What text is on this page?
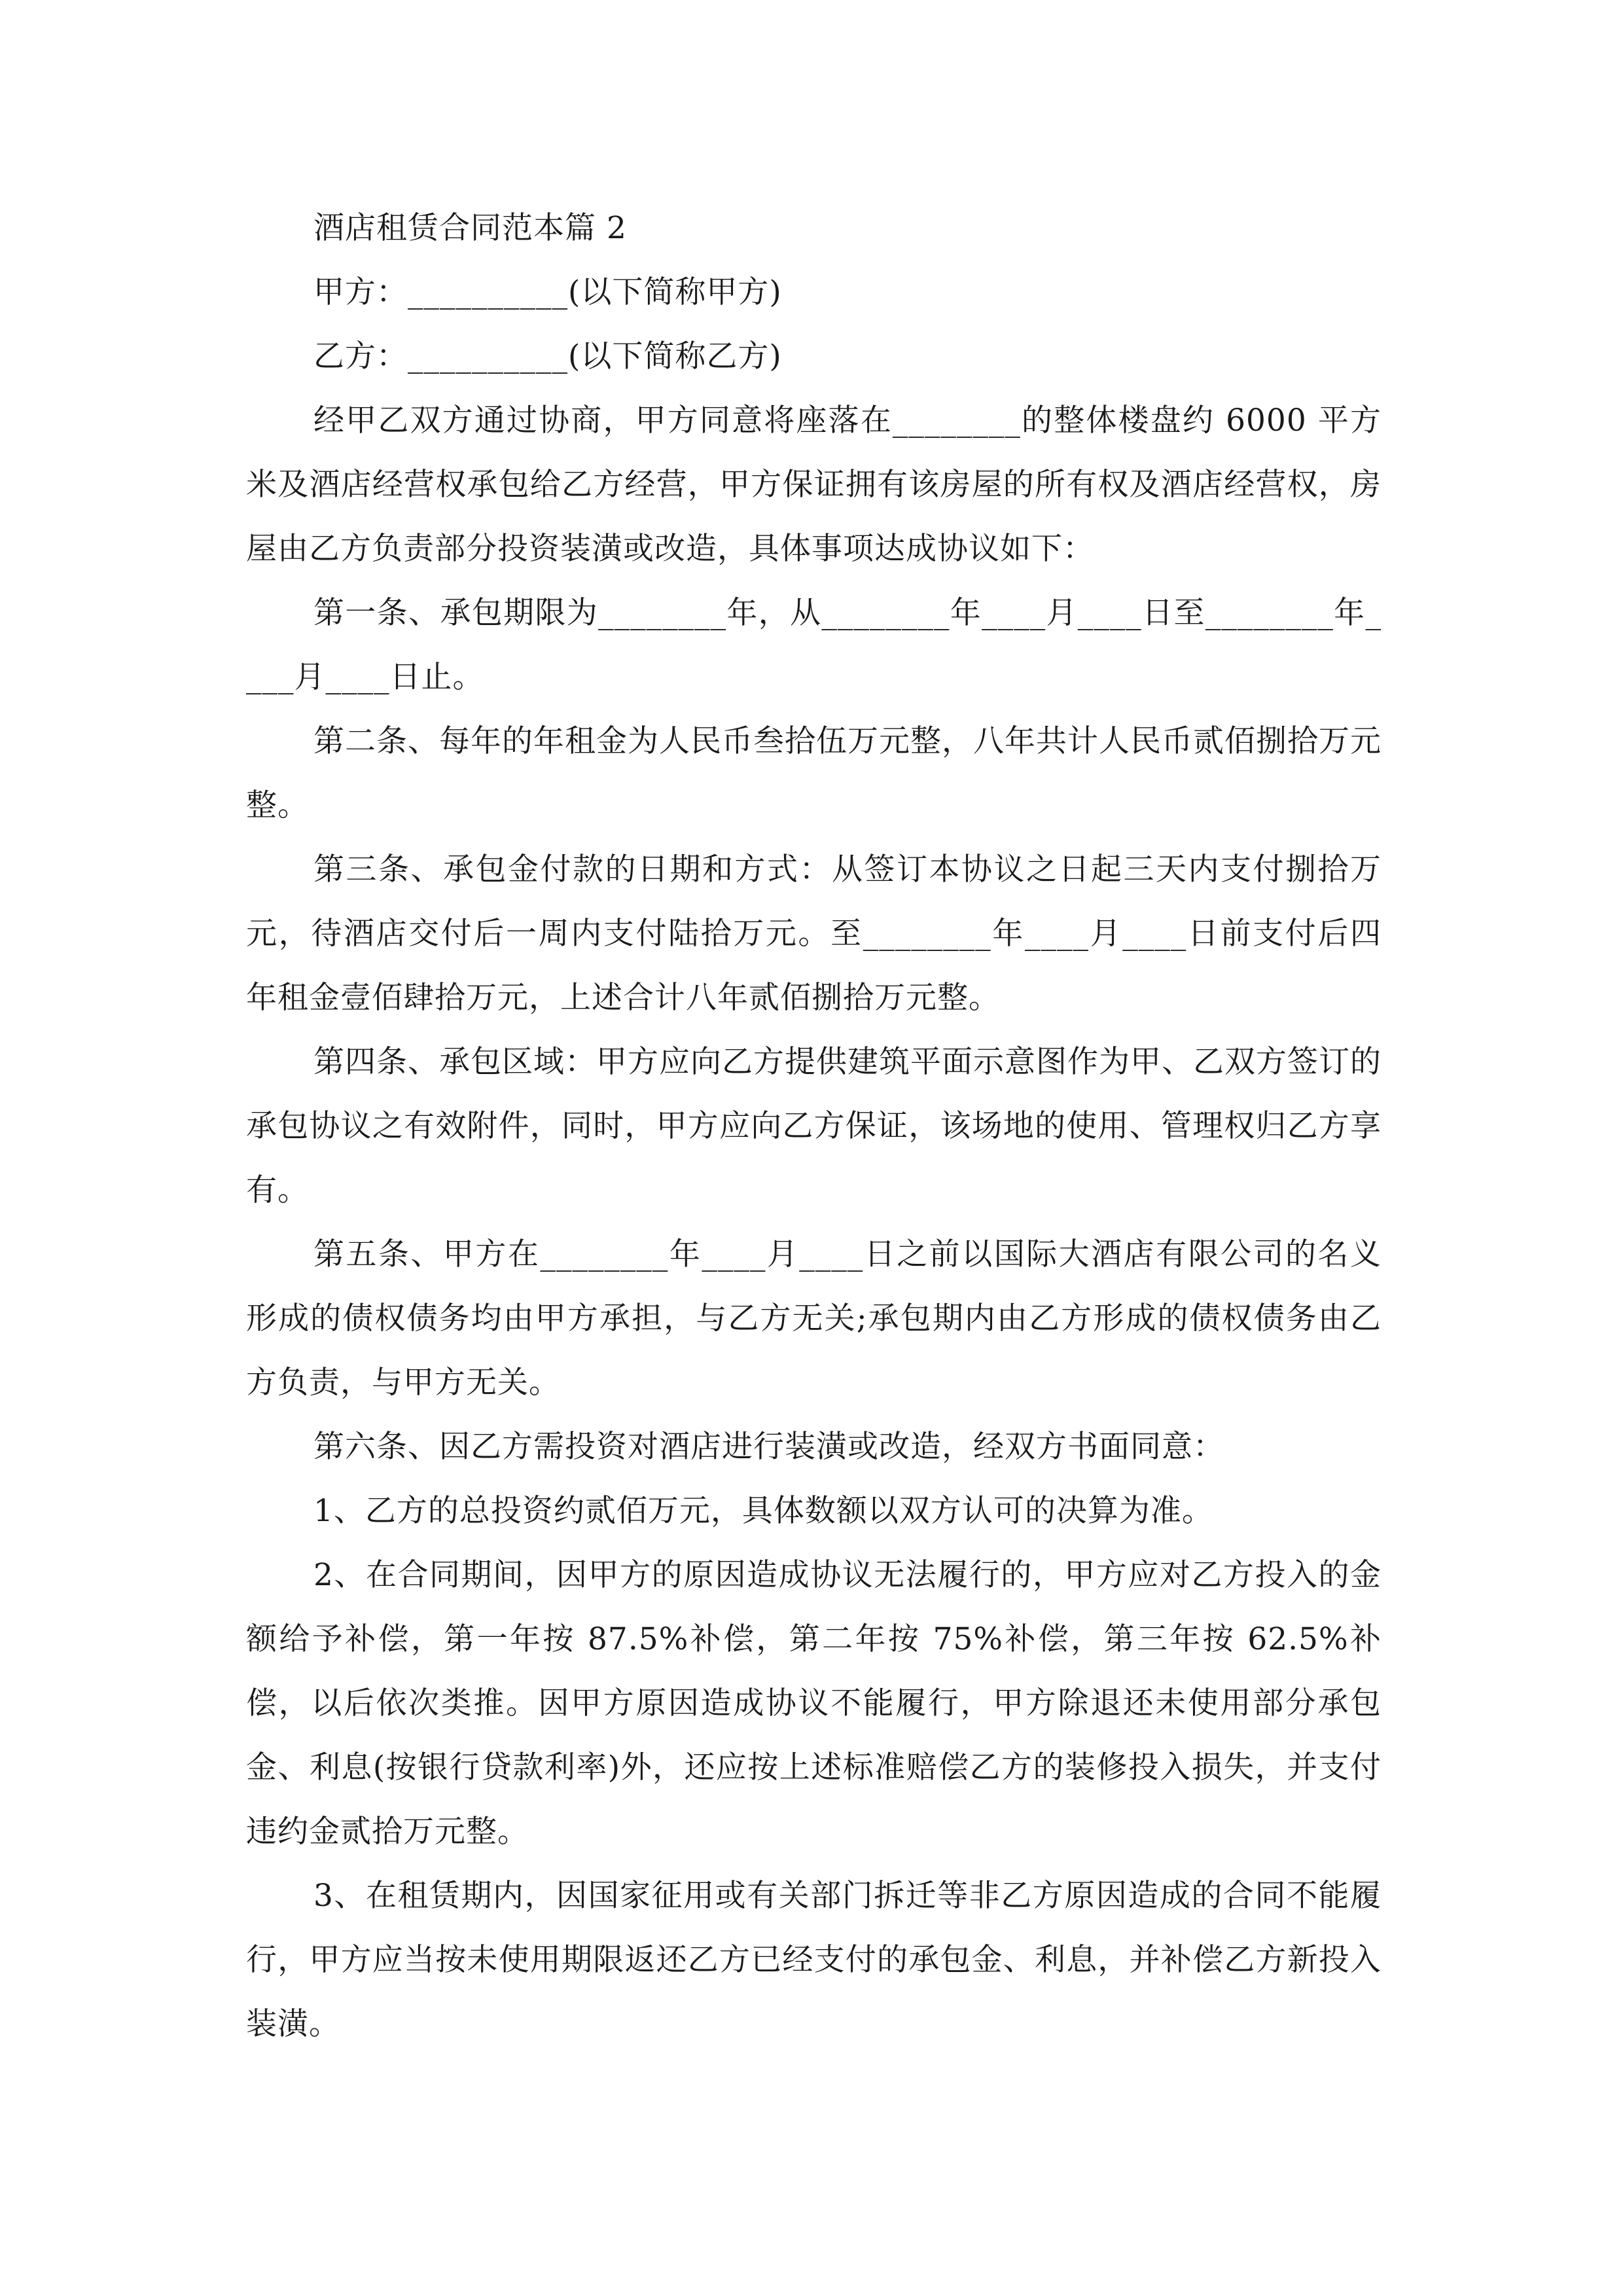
酒店租赁合同范本篇 2

甲方：__________(以下简称甲方)

乙方：__________(以下简称乙方)

经甲乙双方通过协商，甲方同意将座落在________的整体楼盘约 6000 平方米及酒店经营权承包给乙方经营，甲方保证拥有该房屋的所有权及酒店经营权，房屋由乙方负责部分投资装潢或改造，具体事项达成协议如下：

第一条、承包期限为________年，从________年____月____日至________年____月____日止。

第二条、每年的年租金为人民币叁拾伍万元整，八年共计人民币贰佰捌拾万元整。

第三条、承包金付款的日期和方式：从签订本协议之日起三天内支付捌拾万元，待酒店交付后一周内支付陆拾万元。至________年____月____日前支付后四年租金壹佰肆拾万元，上述合计八年贰佰捌拾万元整。

第四条、承包区域：甲方应向乙方提供建筑平面示意图作为甲、乙双方签订的承包协议之有效附件，同时，甲方应向乙方保证，该场地的使用、管理权归乙方享有。

第五条、甲方在________年____月____日之前以国际大酒店有限公司的名义形成的债权债务均由甲方承担，与乙方无关;承包期内由乙方形成的债权债务由乙方负责，与甲方无关。

第六条、因乙方需投资对酒店进行装潢或改造，经双方书面同意：

1、乙方的总投资约贰佰万元，具体数额以双方认可的决算为准。

2、在合同期间，因甲方的原因造成协议无法履行的，甲方应对乙方投入的金额给予补偿，第一年按 87.5%补偿，第二年按 75%补偿，第三年按 62.5%补偿，以后依次类推。因甲方原因造成协议不能履行，甲方除退还未使用部分承包金、利息(按银行贷款利率)外，还应按上述标准赔偿乙方的装修投入损失，并支付违约金贰拾万元整。

3、在租赁期内，因国家征用或有关部门拆迁等非乙方原因造成的合同不能履行，甲方应当按未使用期限返还乙方已经支付的承包金、利息，并补偿乙方新投入装潢。
